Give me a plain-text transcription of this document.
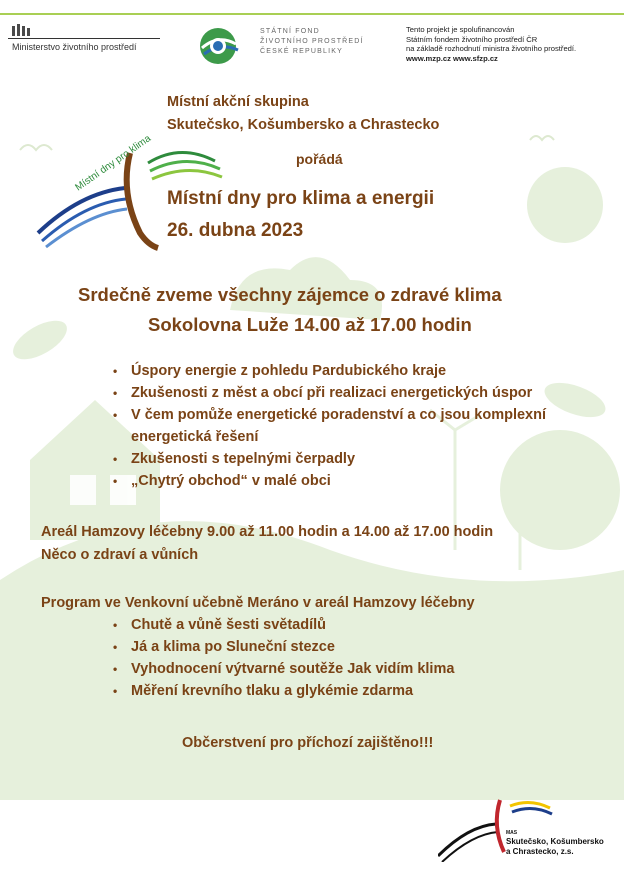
Ministerstvo životního prostředí
STÁTNÍ FOND
ŽIVOTNÍHO PROSTŘEDÍ
ČESKÉ REPUBLIKY
Tento projekt je spolufinancován
Státním fondem životního prostředí ČR
na základě rozhodnutí ministra životního prostředí.
www.mzp.cz www.sfzp.cz
Místní dny pro klima
Místní akční skupina
Skutečsko, Košumbersko a Chrastecko
pořádá
Místní dny pro klima a energii
26. dubna 2023
Srdečně zveme všechny zájemce o zdravé klima
Sokolovna Luže 14.00 až 17.00 hodin
• Úspory energie z pohledu Pardubického kraje
• Zkušenosti z měst a obcí při realizaci energetických úspor
• V čem pomůže energetické poradenství a co jsou komplexní energetická řešení
• Zkušenosti s tepelnými čerpadly
• „Chytrý obchod“ v malé obci
Areál Hamzovy léčebny 9.00 až 11.00 hodin a 14.00 až 17.00 hodin
Něco o zdraví a vůních
Program ve Venkovní učebně Meráno v areál Hamzovy léčebny
• Chutě a vůně šesti světadílů
• Já a klima po Sluneční stezce
• Vyhodnocení výtvarné soutěže Jak vidím klima
• Měření krevního tlaku a glykémie zdarma
Občerstvení pro příchozí zajištěno!!!
MAS
Skutečsko, Košumbersko
a Chrastecko, z.s.
